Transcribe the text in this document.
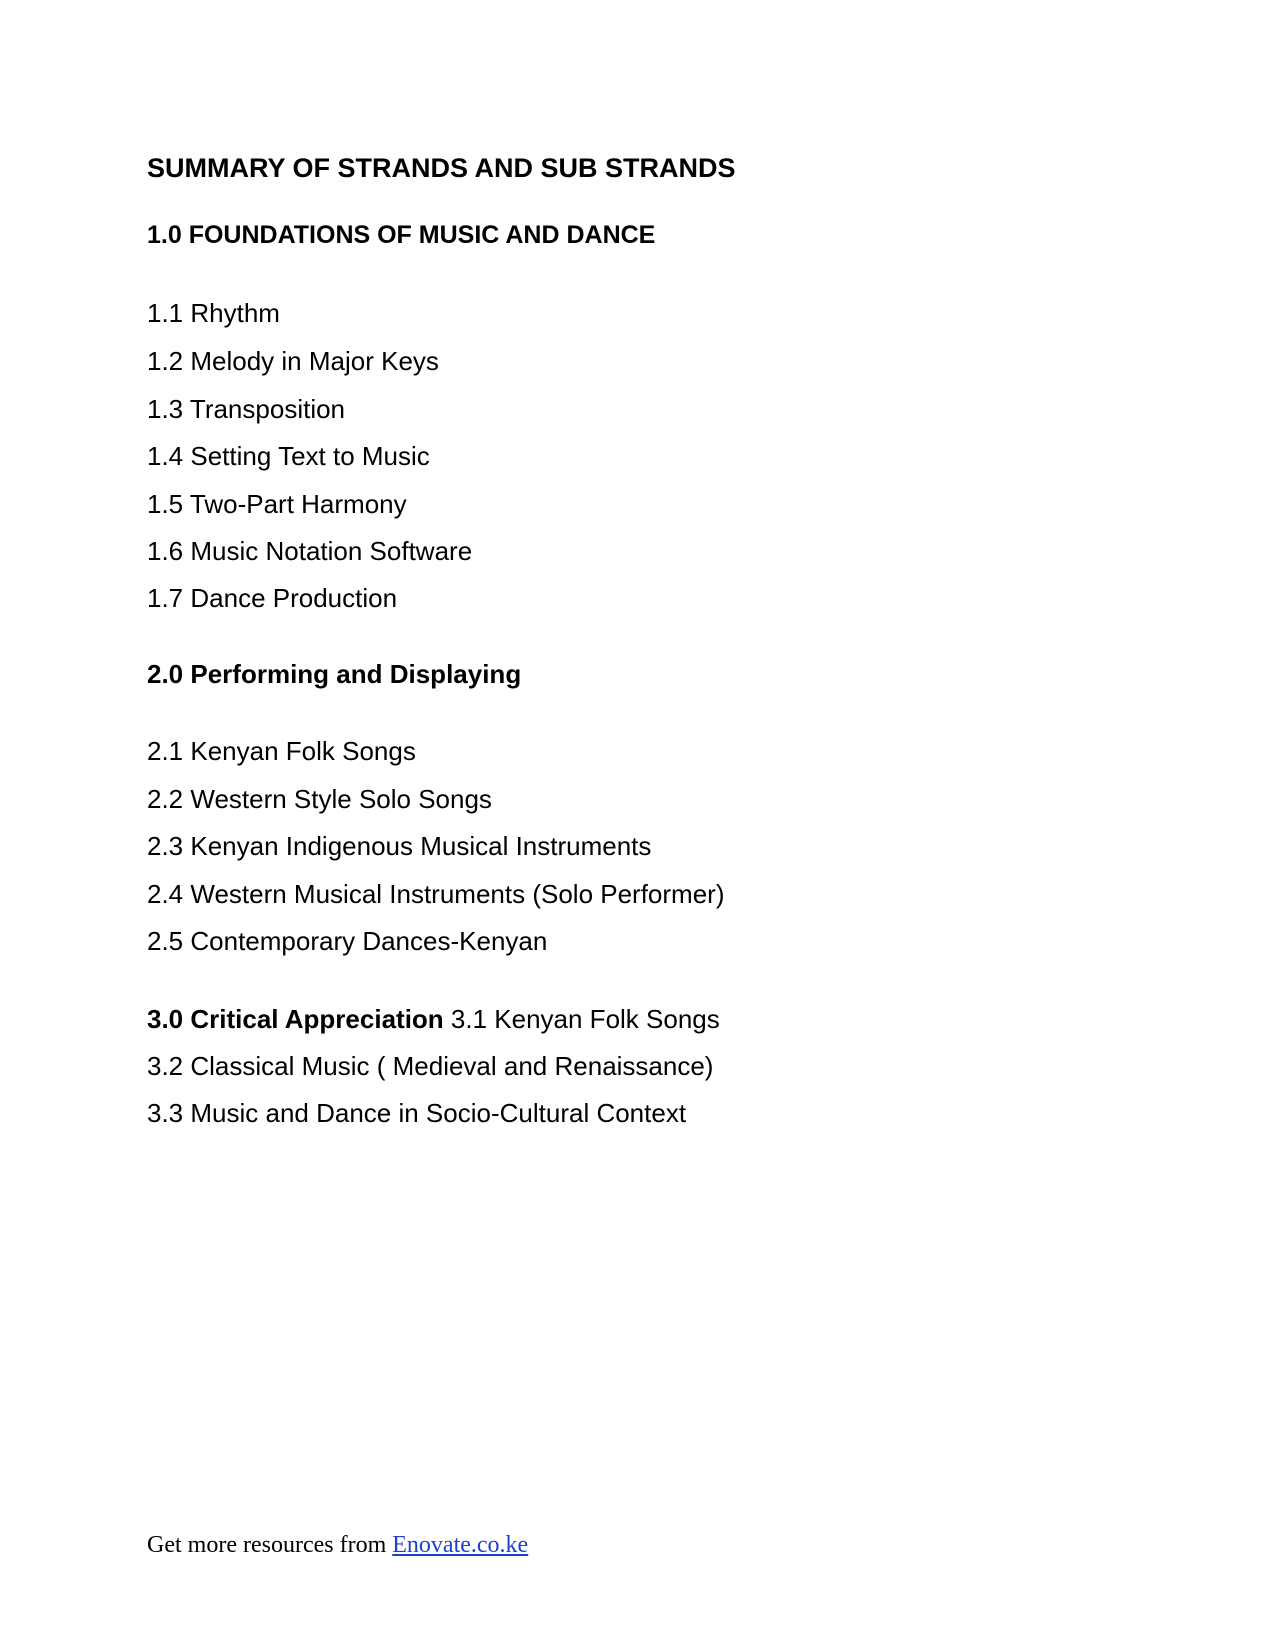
SUMMARY OF STRANDS AND SUB STRANDS
1.0 FOUNDATIONS OF MUSIC AND DANCE
1.1 Rhythm
1.2 Melody in Major Keys
1.3 Transposition
1.4 Setting Text to Music
1.5 Two-Part Harmony
1.6 Music Notation Software
1.7 Dance Production
2.0 Performing and Displaying
2.1 Kenyan Folk Songs
2.2 Western Style Solo Songs
2.3 Kenyan Indigenous Musical Instruments
2.4 Western Musical Instruments (Solo Performer)
2.5 Contemporary Dances-Kenyan
3.0 Critical Appreciation 3.1 Kenyan Folk Songs
3.2 Classical Music ( Medieval and Renaissance)
3.3 Music and Dance in Socio-Cultural Context
Get more resources from Enovate.co.ke
